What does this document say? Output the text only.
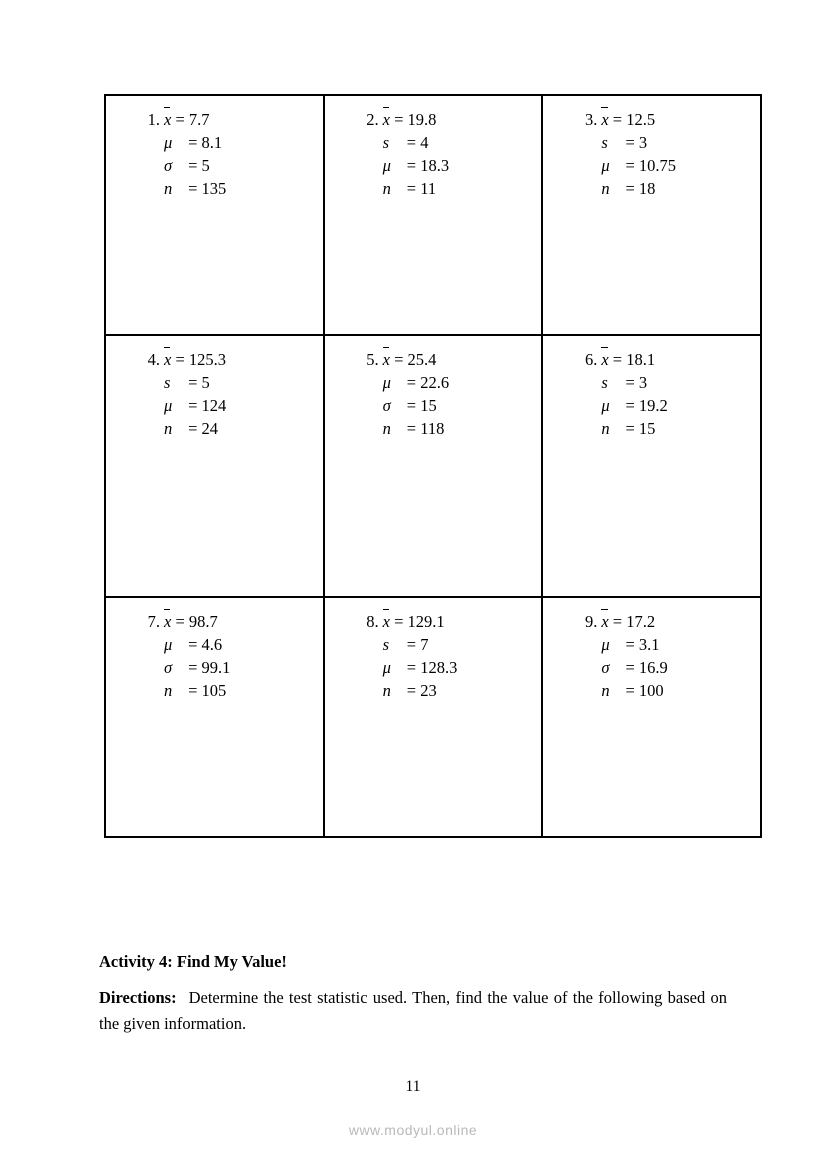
1. x = 7.7
μ = 8.1
σ = 5
n = 135

2. x = 19.8
s = 4
μ = 18.3
n = 11

3. x = 12.5
s = 3
μ = 10.75
n = 18

4. x = 125.3
s = 5
μ = 124
n = 24

5. x = 25.4
μ = 22.6
σ = 15
n = 118

6. x = 18.1
s = 3
μ = 19.2
n = 15

7. x = 98.7
μ = 4.6
σ = 99.1
n = 105

8. x = 129.1
s = 7
μ = 128.3
n = 23

9. x = 17.2
μ = 3.1
σ = 16.9
n = 100
Activity 4: Find My Value!
Directions: Determine the test statistic used. Then, find the value of the following based on the given information.
11
www.modyul.online
